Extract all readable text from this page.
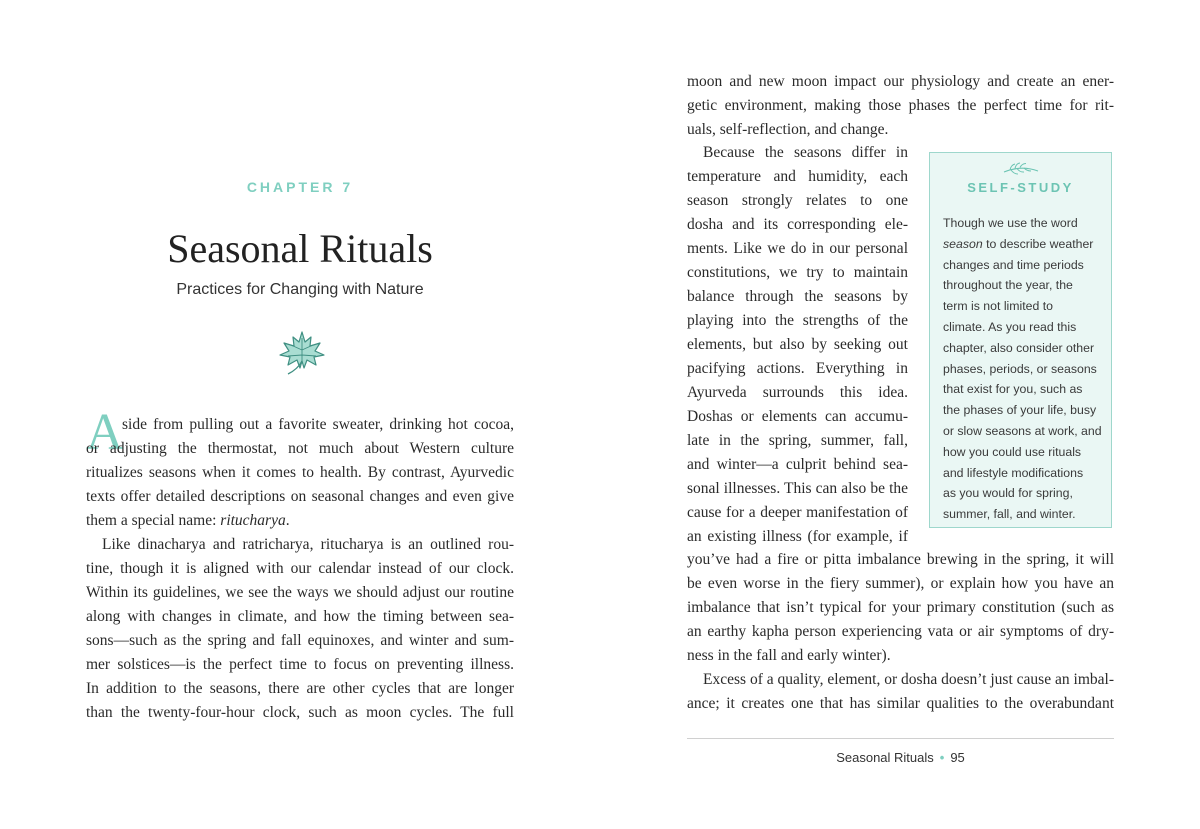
CHAPTER 7
Seasonal Rituals
Practices for Changing with Nature
A
side from pulling out a favorite sweater, drinking hot cocoa,
or adjusting the thermostat, not much about Western culture
ritualizes seasons when it comes to health. By contrast, Ayurvedic
texts offer detailed descriptions on seasonal changes and even give
them a special name: ritucharya.
Like dinacharya and ratricharya, ritucharya is an outlined rou-
tine, though it is aligned with our calendar instead of our clock.
Within its guidelines, we see the ways we should adjust our routine
along with changes in climate, and how the timing between sea-
sons—such as the spring and fall equinoxes, and winter and sum-
mer solstices—is the perfect time to focus on preventing illness.
In addition to the seasons, there are other cycles that are longer
than the twenty-four-hour clock, such as moon cycles. The full
moon and new moon impact our physiology and create an ener-
getic environment, making those phases the perfect time for rit-
uals, self-reflection, and change.
Because the seasons differ in
temperature and humidity, each
season strongly relates to one
dosha and its corresponding ele-
ments. Like we do in our personal
constitutions, we try to maintain
balance through the seasons by
playing into the strengths of the
elements, but also by seeking out
pacifying actions. Everything in
Ayurveda surrounds this idea.
Doshas or elements can accumu-
late in the spring, summer, fall,
and winter—a culprit behind sea-
sonal illnesses. This can also be the
cause for a deeper manifestation of
an existing illness (for example, if
you’ve had a fire or pitta imbalance brewing in the spring, it will
be even worse in the fiery summer), or explain how you have an
imbalance that isn’t typical for your primary constitution (such as
an earthy kapha person experiencing vata or air symptoms of dry-
ness in the fall and early winter).
Excess of a quality, element, or dosha doesn’t just cause an imbal-
ance; it creates one that has similar qualities to the overabundant
SELF-STUDY
Though we use the word
season to describe weather
changes and time periods
throughout the year, the
term is not limited to
climate. As you read this
chapter, also consider other
phases, periods, or seasons
that exist for you, such as
the phases of your life, busy
or slow seasons at work, and
how you could use rituals
and lifestyle modifications
as you would for spring,
summer, fall, and winter.
Seasonal Rituals • 95
